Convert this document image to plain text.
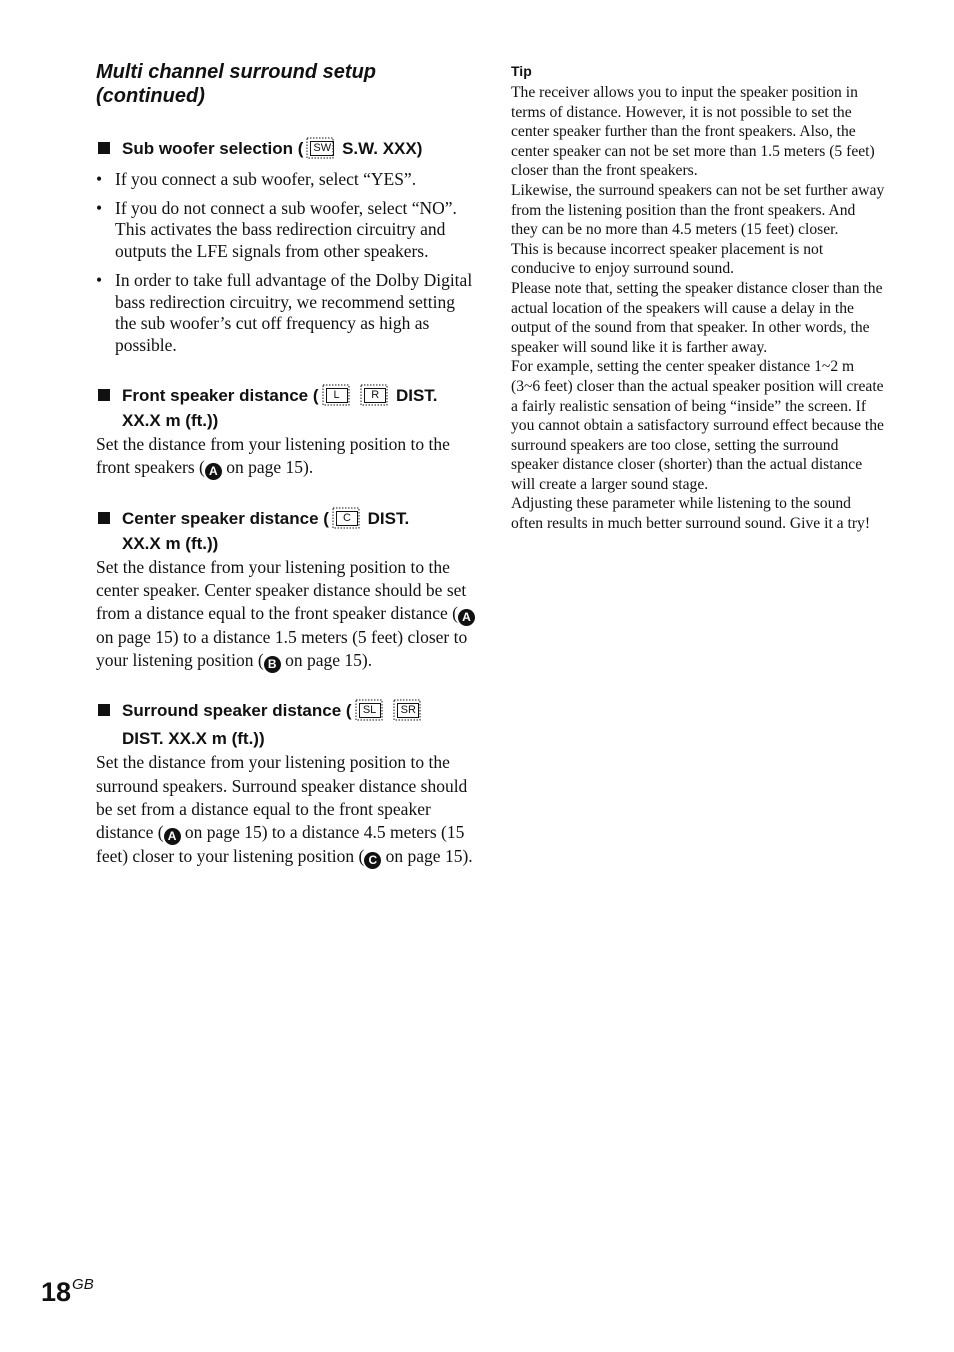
Multi channel surround setup
(continued)
Sub woofer selection ( SW S.W. XXX)
• If you connect a sub woofer, select “YES”.
• If you do not connect a sub woofer, select “NO”. This activates the bass redirection circuitry and outputs the LFE signals from other speakers.
• In order to take full advantage of the Dolby Digital bass redirection circuitry, we recommend setting the sub woofer’s cut off frequency as high as possible.
Front speaker distance (	L
	R DIST.
XX.X m (ft.))

Set the distance from your listening position to the front speakers ( A on page 15).

Center speaker distance (	C DIST.
XX.X m (ft.))

Set the distance from your listening position to the center speaker. Center speaker distance should be set from a distance equal to the front speaker distance ( A on page 15) to a distance 1.5 meters (5 feet) closer to your listening position ( B on page 15).

Surround speaker distance (	SL
	SR
DIST. XX.X m (ft.))

Set the distance from your listening position to the surround speakers. Surround speaker distance should be set from a distance equal to the front speaker distance ( A on page 15) to a distance 4.5 meters (15 feet) closer to your listening position ( C on page 15).

Tip

The receiver allows you to input the speaker position in terms of distance. However, it is not possible to set the center speaker further than the front speakers. Also, the center speaker can not be set more than 1.5 meters (5 feet) closer than the front speakers.

Likewise, the surround speakers can not be set further away from the listening position than the front speakers. And they can be no more than 4.5 meters (15 feet) closer.

This is because incorrect speaker placement is not conducive to enjoy surround sound.

Please note that, setting the speaker distance closer than the actual location of the speakers will cause a delay in the output of the sound from that speaker. In other words, the speaker will sound like it is farther away.

For example, setting the center speaker distance 1~2 m (3~6 feet) closer than the actual speaker position will create a fairly realistic sensation of being “inside” the screen. If you cannot obtain a satisfactory surround effect because the surround speakers are too close, setting the surround speaker distance closer (shorter) than the actual distance will create a larger sound stage.

Adjusting these parameter while listening to the sound often results in much better surround sound. Give it a try!

$18^{GB}$
